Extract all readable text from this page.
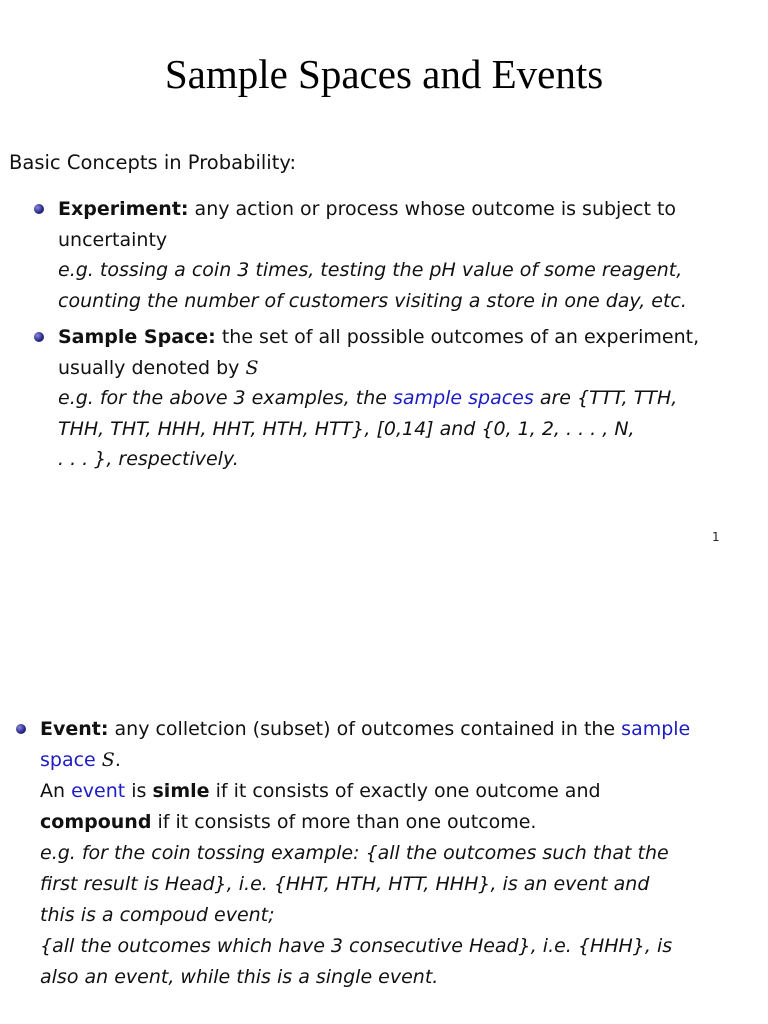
Sample Spaces and Events
Basic Concepts in Probability:
Experiment: any action or process whose outcome is subject to
uncertainty
e.g. tossing a coin 3 times, testing the pH value of some reagent,
counting the number of customers visiting a store in one day, etc.
Sample Space: the set of all possible outcomes of an experiment,
usually denoted by S
e.g. for the above 3 examples, the sample spaces are {TTT, TTH,
THH, THT, HHH, HHT, HTH, HTT}, [0,14] and {0, 1, 2, . . . , N,
. . . }, respectively.
1
Event: any colletcion (subset) of outcomes contained in the sample
space S.
An event is simle if it consists of exactly one outcome and
compound if it consists of more than one outcome.
e.g. for the coin tossing example: {all the outcomes such that the
first result is Head}, i.e. {HHT, HTH, HTT, HHH}, is an event and
this is a compoud event;
{all the outcomes which have 3 consecutive Head}, i.e. {HHH}, is
also an event, while this is a single event.
